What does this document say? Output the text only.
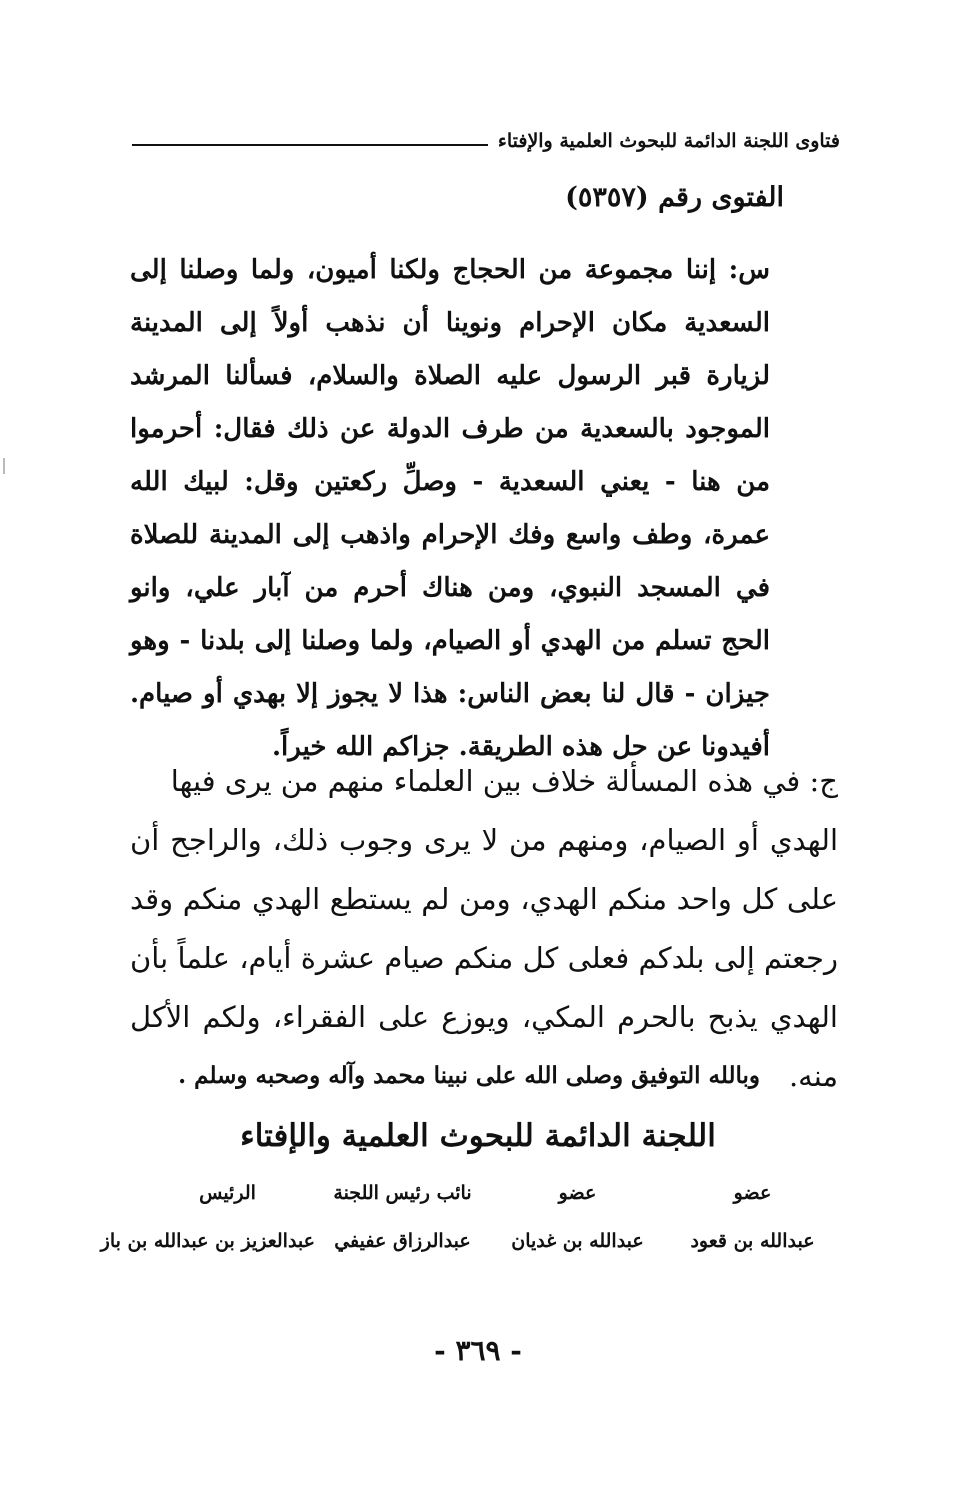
فتاوى اللجنة الدائمة للبحوث العلمية والإفتاء
الفتوى رقم (٥٣٥٧)
س: إننا مجموعة من الحجاج ولكنا أميون، ولما وصلنا إلى السعدية مكان الإحرام ونوينا أن نذهب أولاً إلى المدينة لزيارة قبر الرسول عليه الصلاة والسلام، فسألنا المرشد الموجود بالسعدية من طرف الدولة عن ذلك فقال: أحرموا من هنا - يعني السعدية - وصلِّ ركعتين وقل: لبيك الله عمرة، وطف واسع وفك الإحرام واذهب إلى المدينة للصلاة في المسجد النبوي، ومن هناك أحرم من آبار علي، وانو الحج تسلم من الهدي أو الصيام، ولما وصلنا إلى بلدنا - وهو جيزان - قال لنا بعض الناس: هذا لا يجوز إلا بهدي أو صيام. أفيدونا عن حل هذه الطريقة. جزاكم الله خيراً.
ج: في هذه المسألة خلاف بين العلماء منهم من يرى فيها
الهدي أو الصيام، ومنهم من لا يرى وجوب ذلك، والراجح أن على كل واحد منكم الهدي، ومن لم يستطع الهدي منكم وقد رجعتم إلى بلدكم فعلى كل منكم صيام عشرة أيام، علماً بأن الهدي يذبح بالحرم المكي، ويوزع على الفقراء، ولكم الأكل منه.
وبالله التوفيق وصلى الله على نبينا محمد وآله وصحبه وسلم .
اللجنة الدائمة للبحوث العلمية والإفتاء
عضو
عضو
نائب رئيس اللجنة
الرئيس
عبدالله بن قعود
عبدالله بن غديان
عبدالرزاق عفيفي
عبدالعزيز بن عبدالله بن باز
- ٣٦٩ -
